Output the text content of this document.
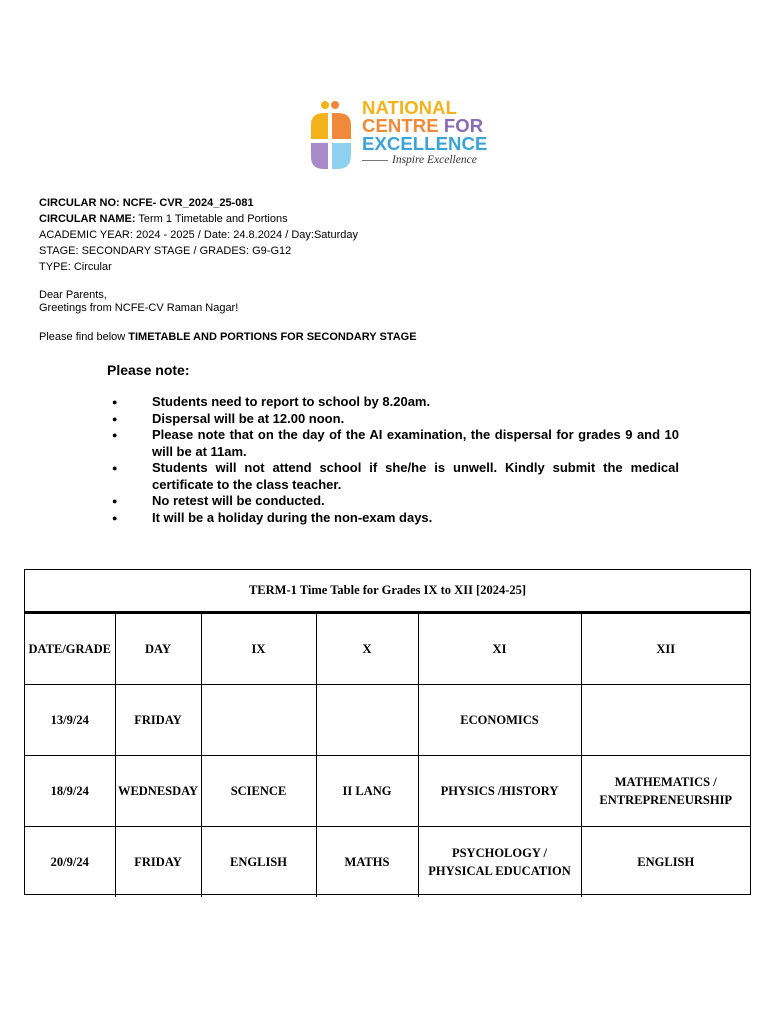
NATIONAL
CENTRE FOR
EXCELLENCE
Inspire Excellence
CIRCULAR NO: NCFE- CVR_2024_25-081
CIRCULAR NAME: Term 1 Timetable and Portions
ACADEMIC YEAR: 2024 - 2025 / Date: 24.8.2024 / Day:Saturday
STAGE: SECONDARY STAGE / GRADES: G9-G12
TYPE: Circular
Dear Parents,
Greetings from NCFE-CV Raman Nagar!
Please find below TIMETABLE AND PORTIONS FOR SECONDARY STAGE
Please note:
●	Students need to report to school by 8.20am.
●	Dispersal will be at 12.00 noon.
●	Please note that on the day of the AI examination, the dispersal for grades 9 and 10 will be at 11am.
●	Students will not attend school if she/he is unwell. Kindly submit the medical certificate to the class teacher.
●	No retest will be conducted.
●	It will be a holiday during the non-exam days.
TERM-1 Time Table for Grades IX to XII [2024-25]
DATE/GRADE	DAY	IX	X	XI	XII
13/9/24	FRIDAY			ECONOMICS	
18/9/24	WEDNESDAY	SCIENCE	II LANG	PHYSICS /HISTORY	MATHEMATICS / ENTREPRENEURSHIP
20/9/24	FRIDAY	ENGLISH	MATHS	PSYCHOLOGY / PHYSICAL EDUCATION	ENGLISH
